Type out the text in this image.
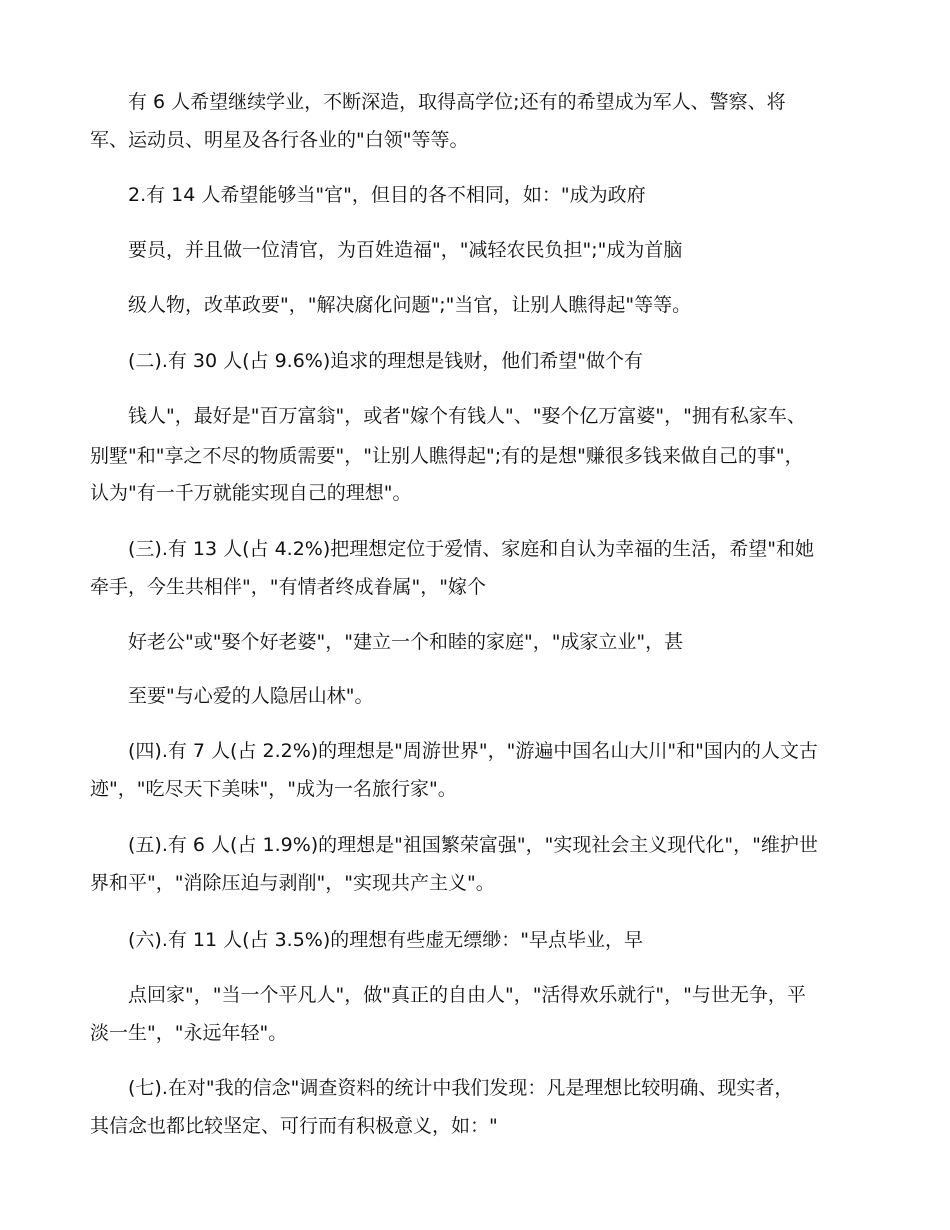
有 6 人希望继续学业，不断深造，取得高学位;还有的希望成为军人、警察、将
军、运动员、明星及各行各业的"白领"等等。
2.有 14 人希望能够当"官"，但目的各不相同，如："成为政府
要员，并且做一位清官，为百姓造福"，"减轻农民负担";"成为首脑
级人物，改革政要"，"解决腐化问题";"当官，让别人瞧得起"等等。
(二).有 30 人(占 9.6%)追求的理想是钱财，他们希望"做个有
钱人"，最好是"百万富翁"，或者"嫁个有钱人"、"娶个亿万富婆"，"拥有私家车、
别墅"和"享之不尽的物质需要"，"让别人瞧得起";有的是想"赚很多钱来做自己的事"，
认为"有一千万就能实现自己的理想"。
(三).有 13 人(占 4.2%)把理想定位于爱情、家庭和自认为幸福的生活，希望"和她
牵手，今生共相伴"，"有情者终成眷属"，"嫁个
好老公"或"娶个好老婆"，"建立一个和睦的家庭"，"成家立业"，甚
至要"与心爱的人隐居山林"。
(四).有 7 人(占 2.2%)的理想是"周游世界"，"游遍中国名山大川"和"国内的人文古
迹"，"吃尽天下美味"，"成为一名旅行家"。
(五).有 6 人(占 1.9%)的理想是"祖国繁荣富强"，"实现社会主义现代化"，"维护世
界和平"，"消除压迫与剥削"，"实现共产主义"。
(六).有 11 人(占 3.5%)的理想有些虚无缥缈："早点毕业，早
点回家"，"当一个平凡人"，做"真正的自由人"，"活得欢乐就行"，"与世无争，平
淡一生"，"永远年轻"。
(七).在对"我的信念"调查资料的统计中我们发现：凡是理想比较明确、现实者，
其信念也都比较坚定、可行而有积极意义，如："
